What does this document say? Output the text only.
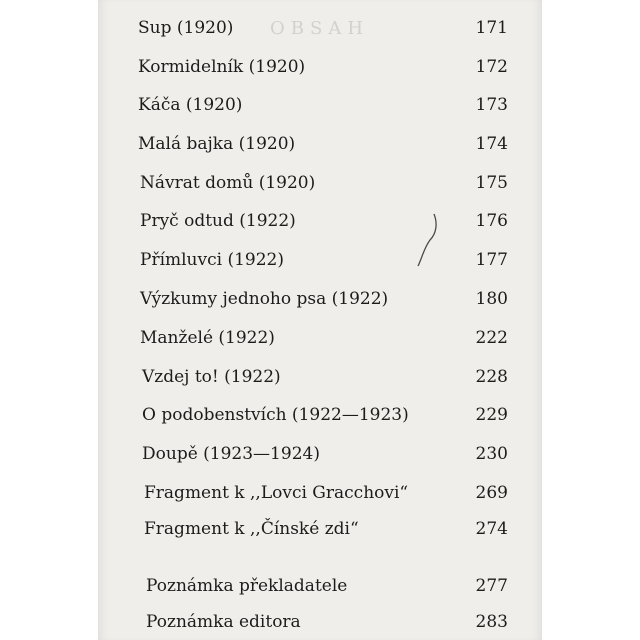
OBSAH
Sup (1920)	171
Kormidelník (1920)	172
Káča (1920)	173
Malá bajka (1920)	174
Návrat domů (1920)	175
Pryč odtud (1922)	176
Přímluvci (1922)	177
Výzkumy jednoho psa (1922)	180
Manželé (1922)	222
Vzdej to! (1922)	228
O podobenstvích (1922—1923)	229
Doupě (1923—1924)	230
Fragment k ,,Lovci Gracchovi“	269
Fragment k ,,Čínské zdi“	274
Poznámka překladatele	277
Poznámka editora	283
